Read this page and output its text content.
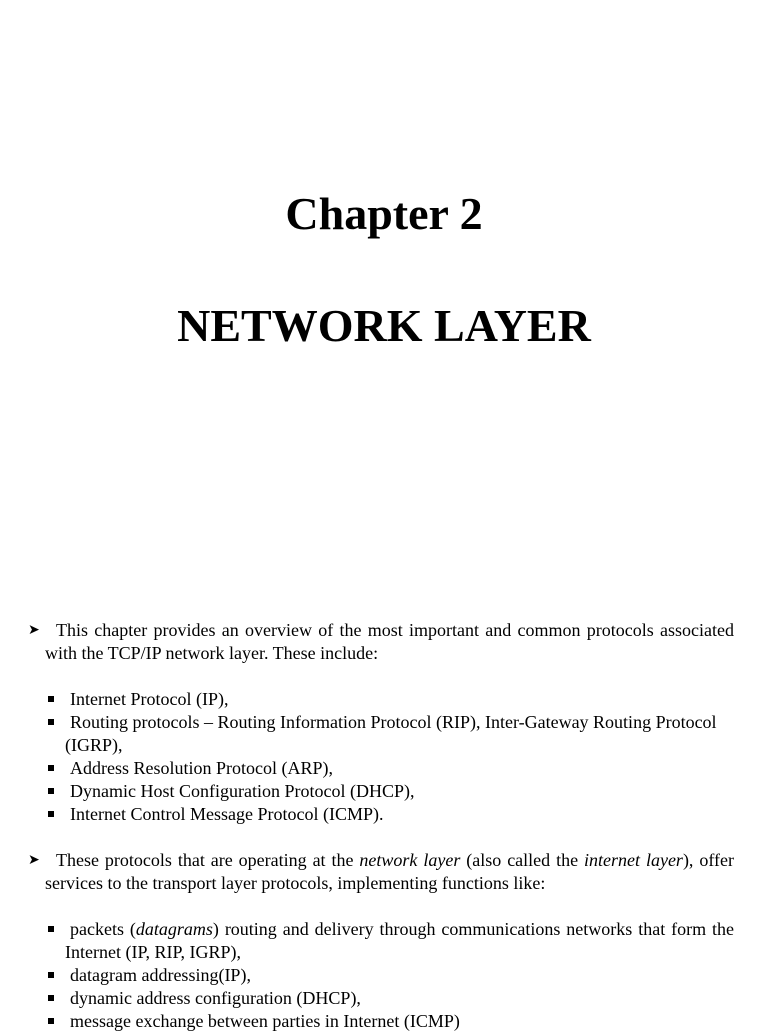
Chapter 2
NETWORK LAYER
➤ This chapter provides an overview of the most important and common protocols associated with the TCP/IP network layer. These include:

Internet Protocol (IP),
Routing protocols – Routing Information Protocol (RIP), Inter-Gateway Routing Protocol (IGRP),
Address Resolution Protocol (ARP),
Dynamic Host Configuration Protocol (DHCP),
Internet Control Message Protocol (ICMP).
➤ These protocols that are operating at the network layer (also called the internet layer), offer services to the transport layer protocols, implementing functions like:

packets (datagrams) routing and delivery through communications networks that form the Internet (IP, RIP, IGRP),
datagram addressing(IP),
dynamic address configuration (DHCP),
message exchange between parties in Internet (ICMP)
